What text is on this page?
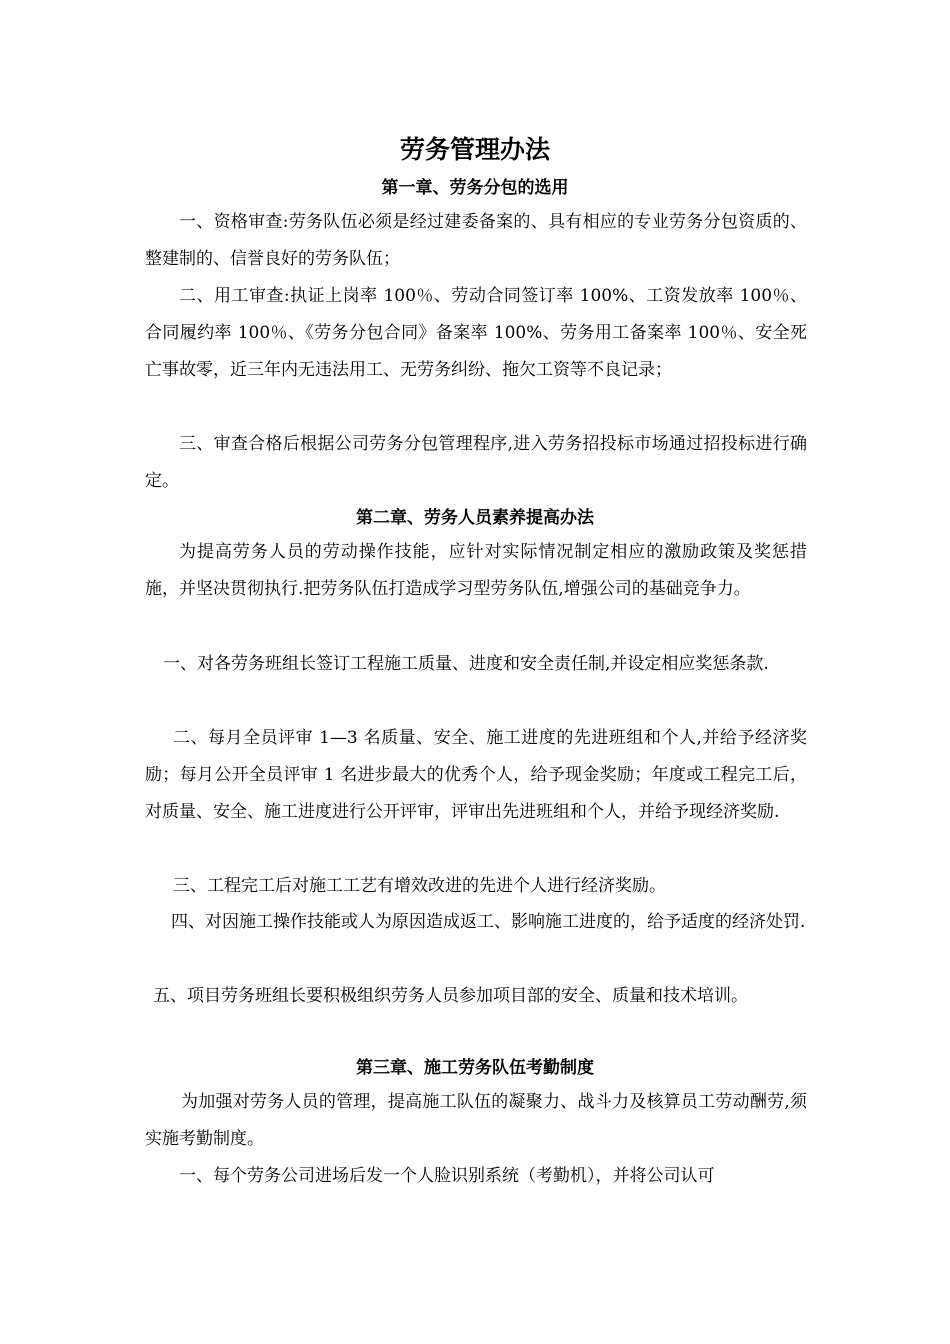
劳务管理办法
第一章、劳务分包的选用

一、资格审查:劳务队伍必须是经过建委备案的、具有相应的专业劳务分包资质的、整建制的、信誉良好的劳务队伍；

二、用工审查:执证上岗率 100％、劳动合同签订率 100%、工资发放率 100％、合同履约率 100％、《劳务分包合同》备案率 100%、劳务用工备案率 100％、安全死亡事故零，近三年内无违法用工、无劳务纠纷、拖欠工资等不良记录；

三、审查合格后根据公司劳务分包管理程序,进入劳务招投标市场通过招投标进行确定。

第二章、劳务人员素养提高办法

为提高劳务人员的劳动操作技能，应针对实际情况制定相应的激励政策及奖惩措施，并坚决贯彻执行.把劳务队伍打造成学习型劳务队伍,增强公司的基础竞争力。

一、对各劳务班组长签订工程施工质量、进度和安全责任制,并设定相应奖惩条款.

二、每月全员评审 1—3 名质量、安全、施工进度的先进班组和个人,并给予经济奖励；每月公开全员评审 1 名进步最大的优秀个人，给予现金奖励；年度或工程完工后，对质量、安全、施工进度进行公开评审，评审出先进班组和个人，并给予现经济奖励.

三、工程完工后对施工工艺有增效改进的先进个人进行经济奖励。

四、对因施工操作技能或人为原因造成返工、影响施工进度的，给予适度的经济处罚.

五、项目劳务班组长要积极组织劳务人员参加项目部的安全、质量和技术培训。

第三章、施工劳务队伍考勤制度

为加强对劳务人员的管理，提高施工队伍的凝聚力、战斗力及核算员工劳动酬劳,须实施考勤制度。

一、每个劳务公司进场后发一个人脸识别系统（考勤机），并将公司认可
